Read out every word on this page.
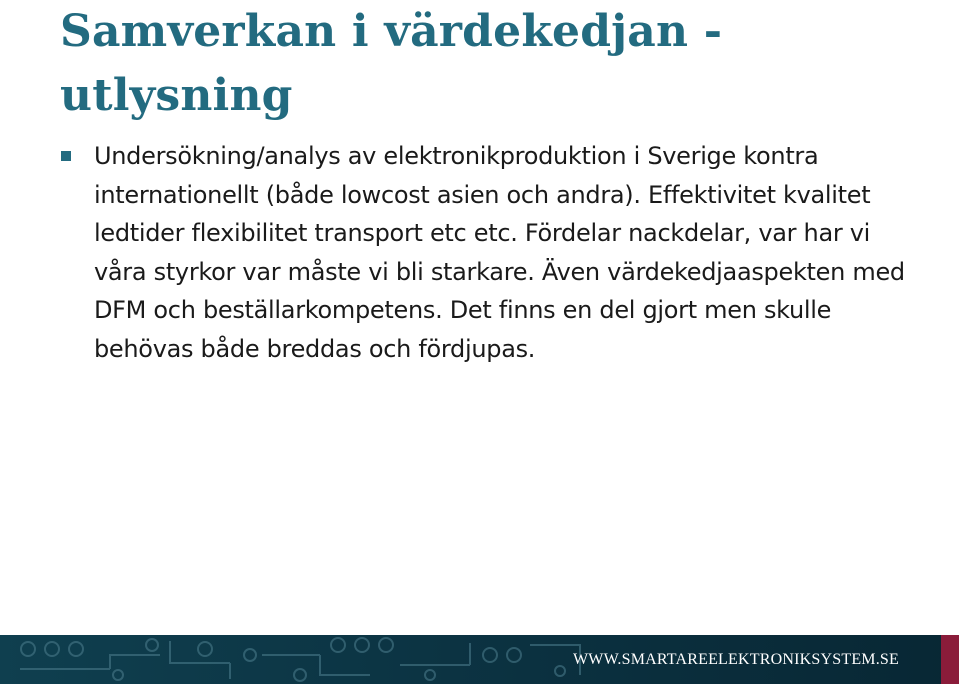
Samverkan i värdekedjan - utlysning
Undersökning/analys av elektronikproduktion i Sverige kontra internationellt (både lowcost asien och andra). Effektivitet kvalitet ledtider flexibilitet transport etc etc. Fördelar nackdelar, var har vi våra styrkor var måste vi bli starkare. Även värdekedjaaspekten med DFM och beställarkompetens. Det finns en del gjort men skulle behövas både breddas och fördjupas.
WWW.SMARTAREELEKTRONIKSYSTEM.SE
